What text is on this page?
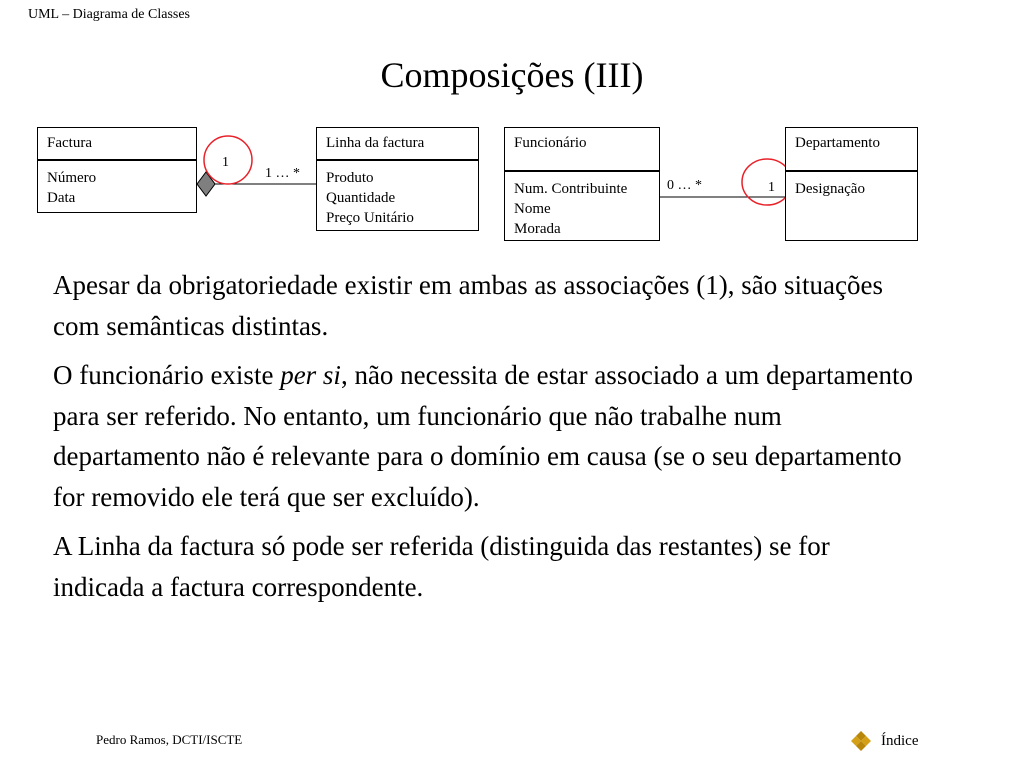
UML – Diagrama de Classes
Composições (III)
Factura
Número
Data
Linha da factura
Produto
Quantidade
Preço Unitário
Funcionário
Num. Contribuinte
Nome
Morada
Departamento
Designação
1
1 … *
0 … *	1

Apesar da obrigatoriedade existir em ambas as associações (1), são situações com semânticas distintas.

O funcionário existe per si, não necessita de estar associado a um departamento para ser referido. No entanto, um funcionário que não trabalhe num departamento não é relevante para o domínio em causa (se o seu departamento for removido ele terá que ser excluído).

A Linha da factura só pode ser referida (distinguida das restantes) se for indicada a factura correspondente.

Pedro Ramos, DCTI/ISCTE	Índice
